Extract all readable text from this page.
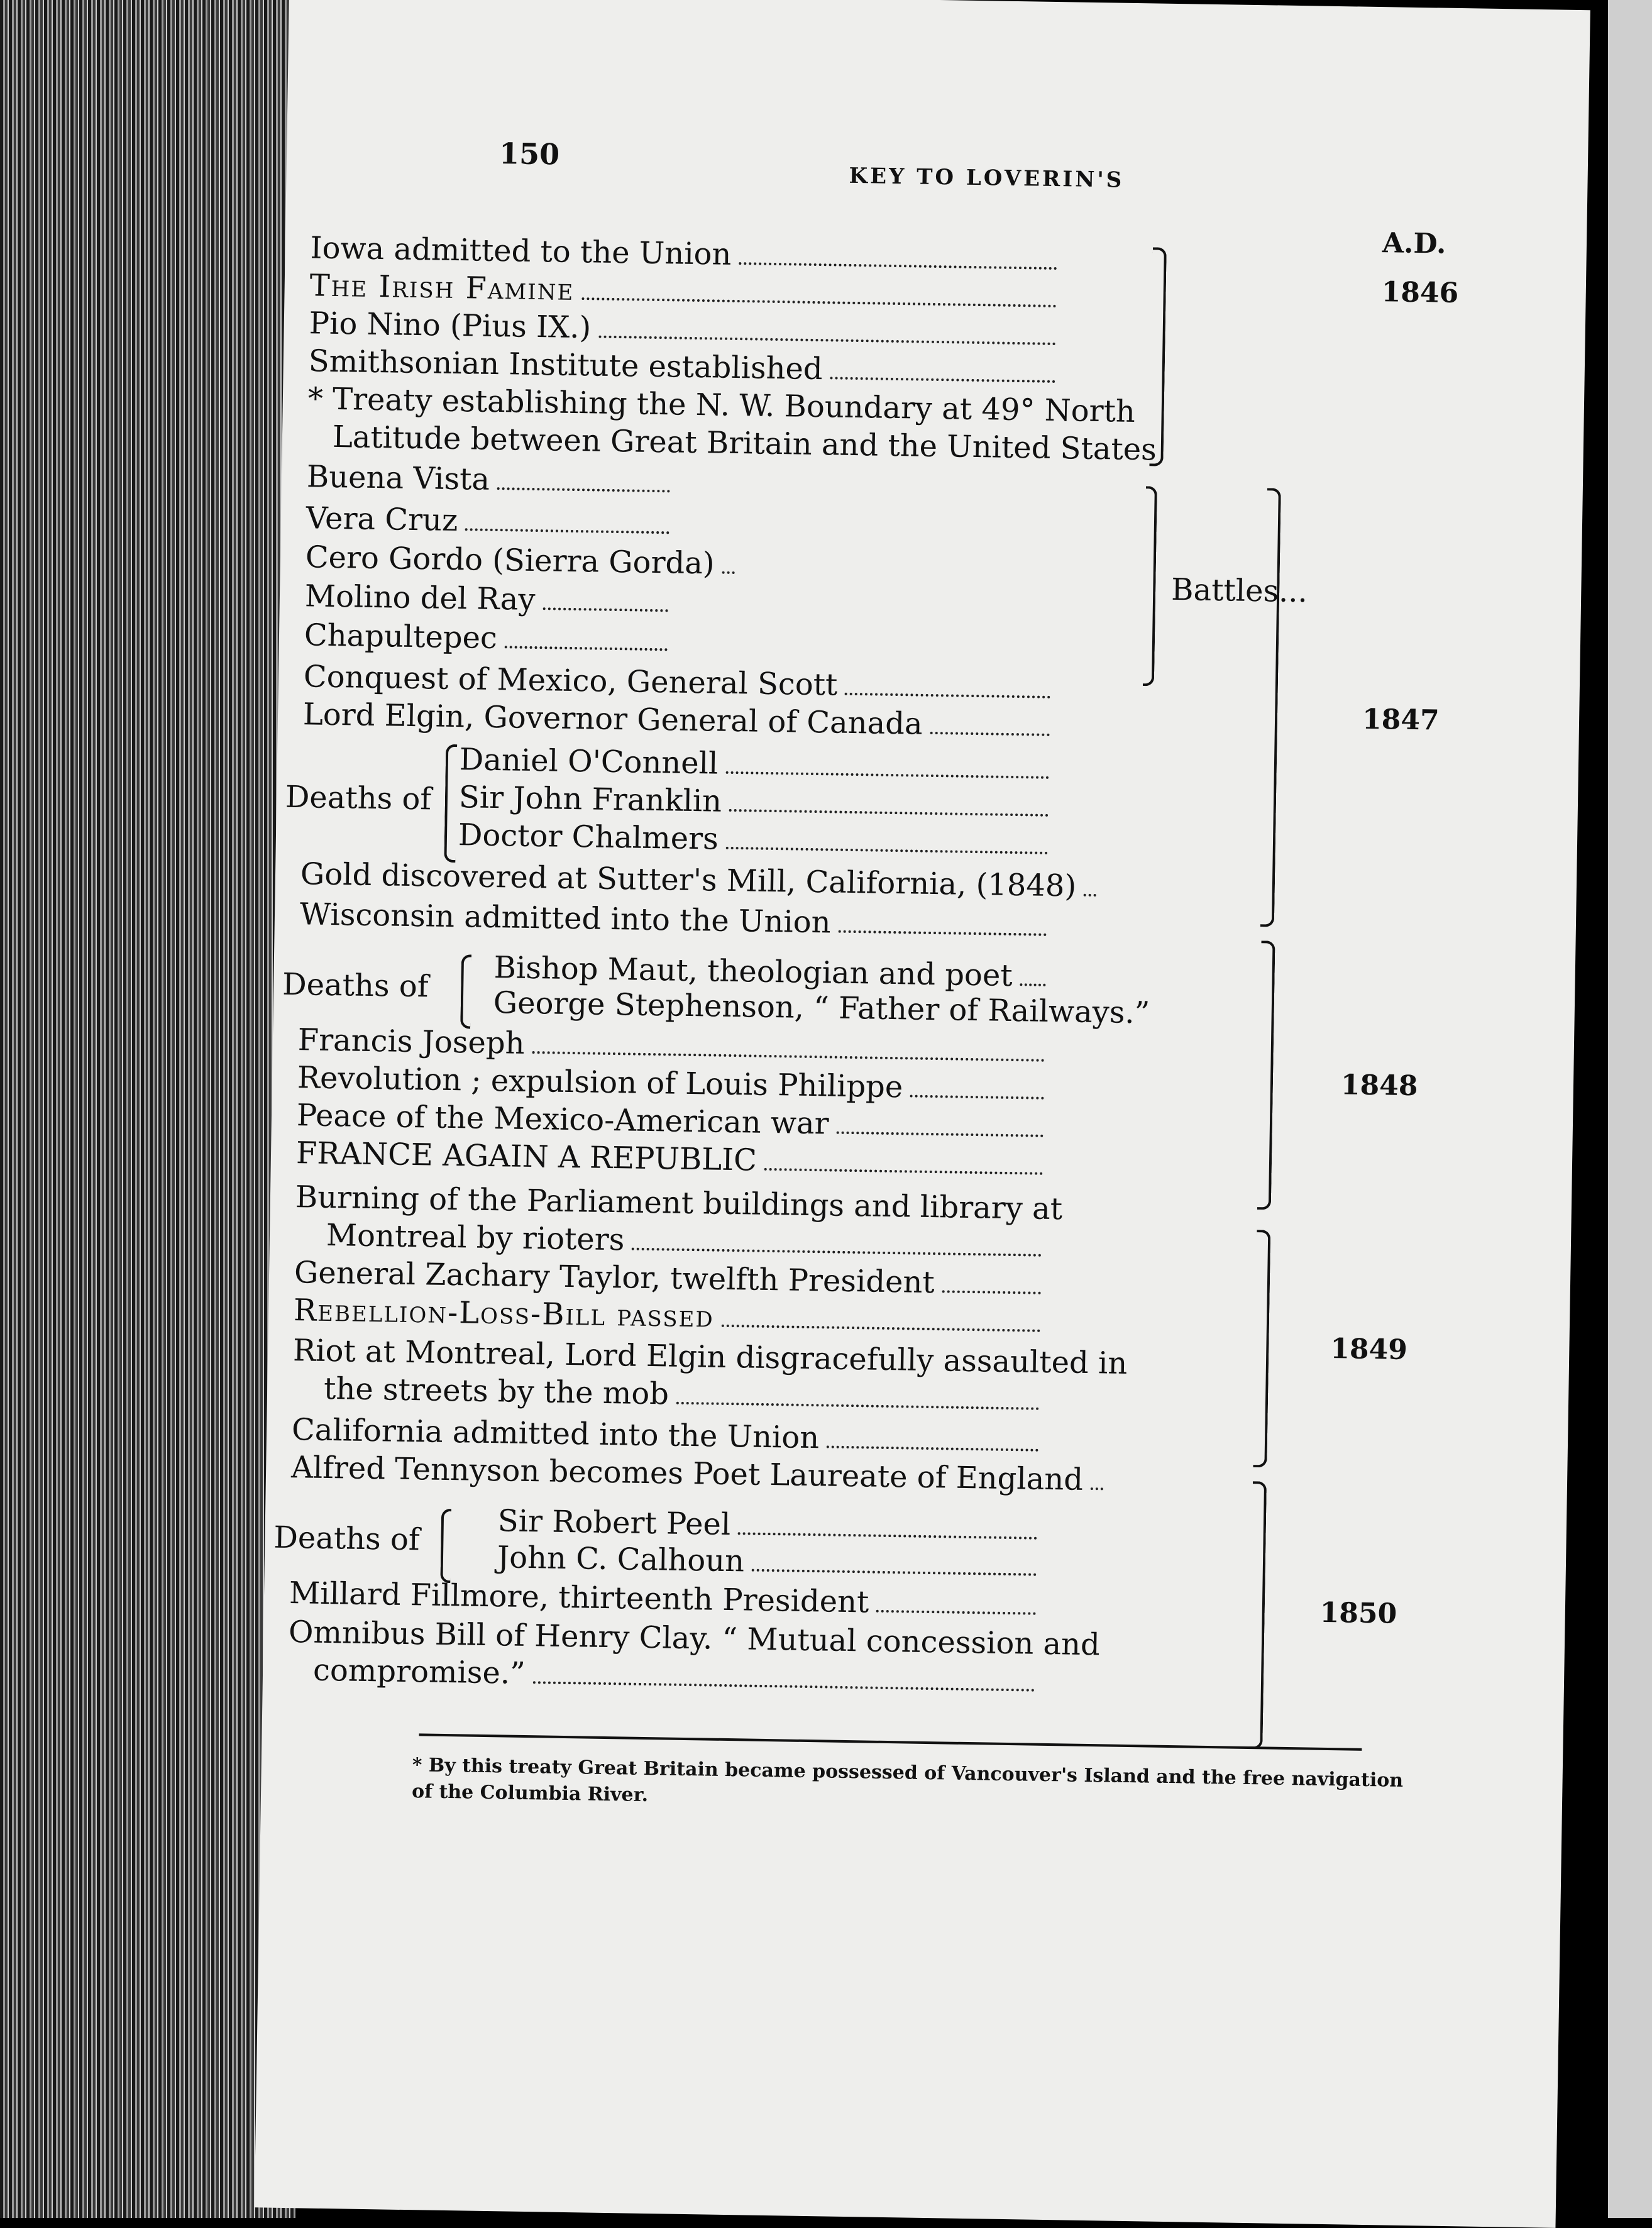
150
KEY TO LOVERIN'S
A.D.
Iowa admitted to the Union
The Irish Famine
Pio Nino (Pius IX.)
Smithsonian Institute established
* Treaty establishing the N. W. Boundary at 49° North
Latitude between Great Britain and the United States
Buena Vista
Vera Cruz
Cero Gordo (Sierra Gorda)
Molino del Ray
Chapultepec
Conquest of Mexico, General Scott
Lord Elgin, Governor General of Canada
Daniel O'Connell
Sir John Franklin
Doctor Chalmers
Gold discovered at Sutter's Mill, California, (1848)
Wisconsin admitted into the Union
Bishop Maut, theologian and poet
George Stephenson, “ Father of Railways.”
Francis Joseph
Revolution ; expulsion of Louis Philippe
Peace of the Mexico-American war
FRANCE AGAIN A REPUBLIC
Burning of the Parliament buildings and library at
Montreal by rioters
General Zachary Taylor, twelfth President
Rebellion-Loss-Bill passed
Riot at Montreal, Lord Elgin disgracefully assaulted in
the streets by the mob
California admitted into the Union
Alfred Tennyson becomes Poet Laureate of England
Sir Robert Peel
John C. Calhoun
Millard Fillmore, thirteenth President
Omnibus Bill of Henry Clay. “ Mutual concession and
compromise.”
Battles...
Deaths of
Deaths of
Deaths of
1846
1847
1848
1849
1850
* By this treaty Great Britain became possessed of Vancouver's Island and the free navigation of the Columbia River.
